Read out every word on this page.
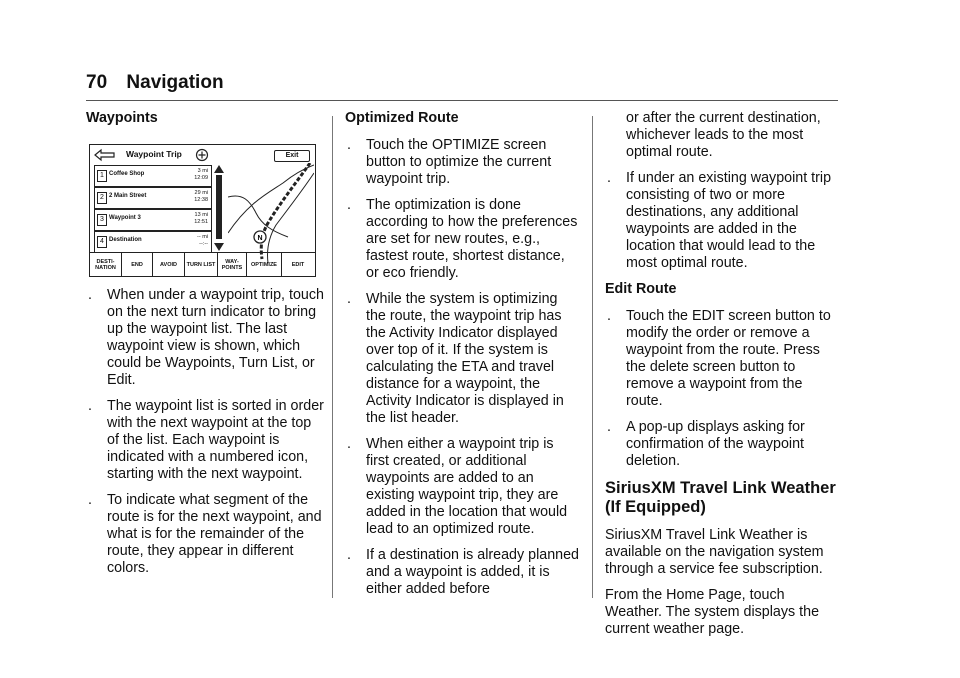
70 Navigation
Waypoints
Waypoint Trip	Exit
1 Coffee Shop	3 mi
12:09
2 2 Main Street	29 mi
12:38
3 Waypoint 3	13 mi
12:51
4 Destination	-- mi
--:--
N
DESTI-NATION	END	AVOID	TURN LIST	WAY-POINTS	OPTIMIZE	EDIT
. When under a waypoint trip, touch on the next turn indicator to bring up the waypoint list. The last waypoint view is shown, which could be Waypoints, Turn List, or Edit.
. The waypoint list is sorted in order with the next waypoint at the top of the list. Each waypoint is indicated with a numbered icon, starting with the next waypoint.
. To indicate what segment of the route is for the next waypoint, and what is for the remainder of the route, they appear in different colors.
Optimized Route
. Touch the OPTIMIZE screen button to optimize the current waypoint trip.
. The optimization is done according to how the preferences are set for new routes, e.g., fastest route, shortest distance, or eco friendly.
. While the system is optimizing the route, the waypoint trip has the Activity Indicator displayed over top of it. If the system is calculating the ETA and travel distance for a waypoint, the Activity Indicator is displayed in the list header.
. When either a waypoint trip is first created, or additional waypoints are added to an existing waypoint trip, they are added in the location that would lead to an optimized route.
. If a destination is already planned and a waypoint is added, it is either added before
or after the current destination, whichever leads to the most optimal route.
. If under an existing waypoint trip consisting of two or more destinations, any additional waypoints are added in the location that would lead to the most optimal route.
Edit Route
. Touch the EDIT screen button to modify the order or remove a waypoint from the route. Press the delete screen button to remove a waypoint from the route.
. A pop-up displays asking for confirmation of the waypoint deletion.
SiriusXM Travel Link Weather (If Equipped)

SiriusXM Travel Link Weather is available on the navigation system through a service fee subscription.

From the Home Page, touch Weather. The system displays the current weather page.
